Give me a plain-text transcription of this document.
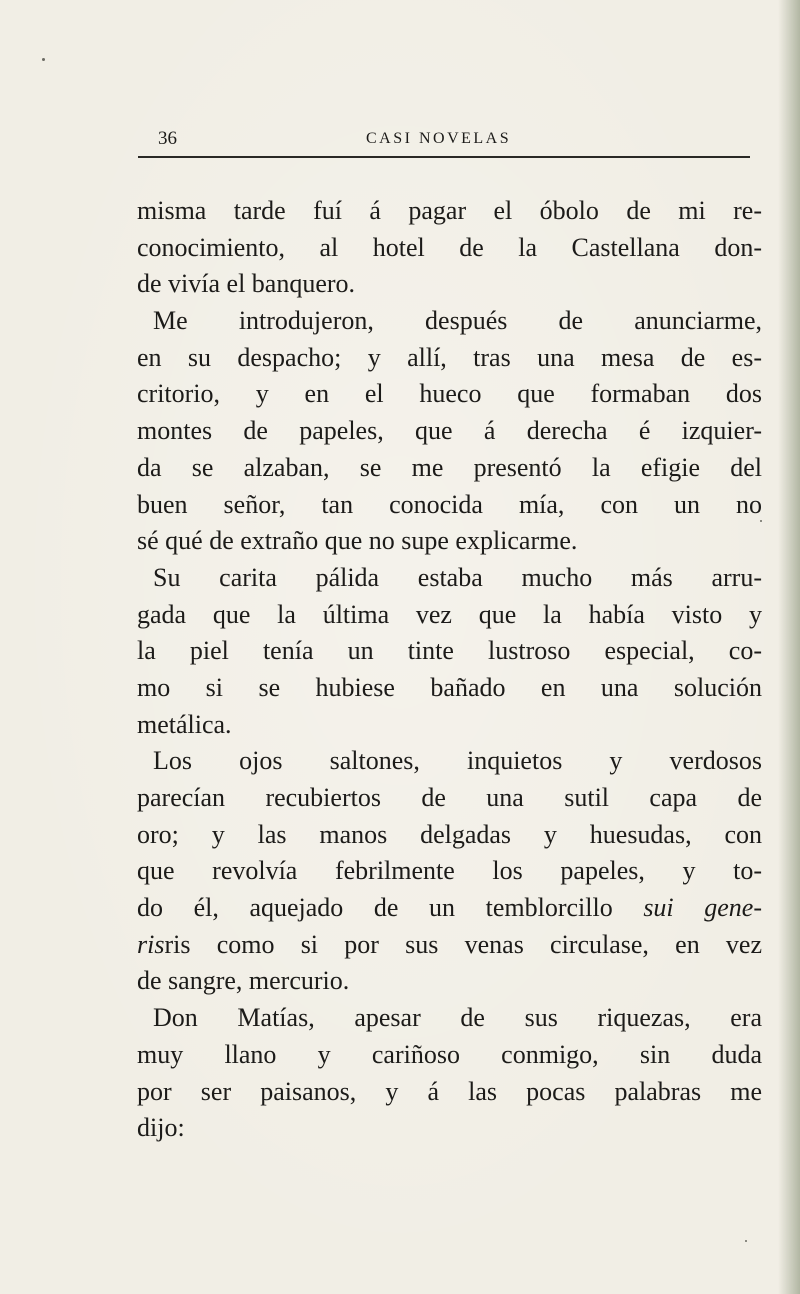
36	CASI NOVELAS
misma tarde fuí á pagar el óbolo de mi re-
conocimiento, al hotel de la Castellana don-
de vivía el banquero.
Me introdujeron, después de anunciarme,
en su despacho; y allí, tras una mesa de es-
critorio, y en el hueco que formaban dos
montes de papeles, que á derecha é izquier-
da se alzaban, se me presentó la efigie del
buen señor, tan conocida mía, con un no
sé qué de extraño que no supe explicarme.
Su carita pálida estaba mucho más arru-
gada que la última vez que la había visto y
la piel tenía un tinte lustroso especial, co-
mo si se hubiese bañado en una solución
metálica.
Los ojos saltones, inquietos y verdosos
parecían recubiertos de una sutil capa de
oro; y las manos delgadas y huesudas, con
que revolvía febrilmente los papeles, y to-
do él, aquejado de un temblorcillo sui gene-
risris como si por sus venas circulase, en vez
de sangre, mercurio.
Don Matías, apesar de sus riquezas, era
muy llano y cariñoso conmigo, sin duda
por ser paisanos, y á las pocas palabras me
dijo:
